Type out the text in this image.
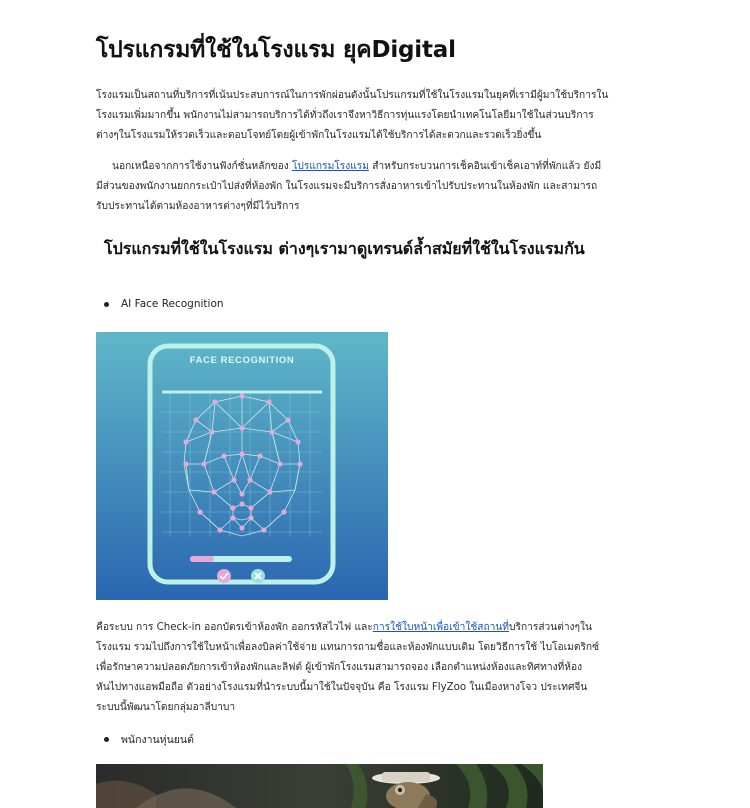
โปรแกรมที่ใช้ในโรงแรม ยุคDigital
โรงแรมเป็นสถานที่บริการที่เน้นประสบการณ์ในการพักผ่อนดังนั้นโปรแกรมที่ใช้ในโรงแรมในยุคที่เรามีผู้มาใช้บริการใน
โรงแรมเพิ่มมากขึ้น พนักงานไม่สามารถบริการได้ทั่วถึงเราจึงหาวิธีการทุ่นแรงโดยนำเทคโนโลยีมาใช้ในส่วนบริการ
ต่างๆในโรงแรมให้รวดเร็วและตอบโจทย์โดยผู้เข้าพักในโรงแรมได้ใช้บริการได้สะดวกและรวดเร็วยิ่งขึ้น
นอกเหนือจากการใช้งานฟังก์ชั่นหลักของ โปรแกรมโรงแรม สำหรับกระบวนการเช็คอินเข้าเช็คเอาท์ที่พักแล้ว ยังมี
มีส่วนของพนักงานยกกระเป๋าไปส่งที่ห้องพัก ในโรงแรมจะมีบริการสั่งอาหารเข้าไปรับประทานในห้องพัก และสามารถ
รับประทานได้ตามห้องอาหารต่างๆที่มีไว้บริการ
โปรแกรมที่ใช้ในโรงแรม ต่างๆเรามาดูเทรนด์ล้ำสมัยที่ใช้ในโรงแรมกัน
AI Face Recognition
FACE RECOGNITION
คือระบบ การ Check-in ออกบัตรเข้าห้องพัก ออกรหัสไวไฟ และการใช้ใบหน้าเพื่อเข้าใช้สถานที่บริการส่วนต่างๆใน
โรงแรม รวมไปถึงการใช้ใบหน้าเพื่อลงบิลค่าใช้จ่าย แทนการถามชื่อและห้องพักแบบเดิม โดยวิธีการใช้ ไบโอเมตริกซ์
เพื่อรักษาความปลอดภัยการเข้าห้องพักและลิฟต์ ผู้เข้าพักโรงแรมสามารถจอง เลือกตำแหน่งห้องและทิศทางที่ห้อง
หันไปทางแอพมือถือ ตัวอย่างโรงแรมที่นำระบบนี้มาใช้ในปัจจุบัน คือ โรงแรม FlyZoo ในเมืองหางโจว ประเทศจีน
ระบบนี้พัฒนาโดยกลุ่มอาลีบาบา
พนักงานหุ่นยนต์
